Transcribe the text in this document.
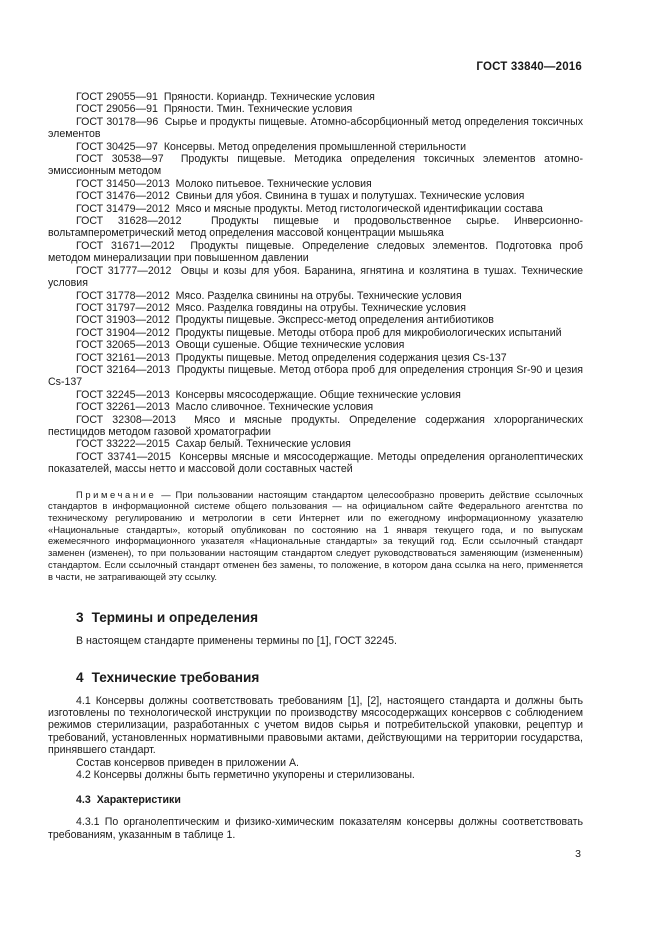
ГОСТ 33840—2016

ГОСТ 29055—91 Пряности. Кориандр. Технические условия

ГОСТ 29056—91 Пряности. Тмин. Технические условия

ГОСТ 30178—96 Сырье и продукты пищевые. Атомно-абсорбционный метод определения токсичных элементов

ГОСТ 30425—97 Консервы. Метод определения промышленной стерильности

ГОСТ 30538—97 Продукты пищевые. Методика определения токсичных элементов атомно-эмиссионным методом

ГОСТ 31450—2013 Молоко питьевое. Технические условия

ГОСТ 31476—2012 Свиньи для убоя. Свинина в тушах и полутушах. Технические условия

ГОСТ 31479—2012 Мясо и мясные продукты. Метод гистологической идентификации состава

ГОСТ 31628—2012	Продукты пищевые и продовольственное сырье. Инверсионно-вольтамперометрический метод определения массовой концентрации мышьяка

ГОСТ 31671—2012 Продукты пищевые. Определение следовых элементов. Подготовка проб методом минерализации при повышенном давлении

ГОСТ 31777—2012 Овцы и козы для убоя. Баранина, ягнятина и козлятина в тушах. Технические условия

ГОСТ 31778—2012 Мясо. Разделка свинины на отрубы. Технические условия

ГОСТ 31797—2012 Мясо. Разделка говядины на отрубы. Технические условия

ГОСТ 31903—2012 Продукты пищевые. Экспресс-метод определения антибиотиков

ГОСТ 31904—2012 Продукты пищевые. Методы отбора проб для микробиологических испытаний

ГОСТ 32065—2013 Овощи сушеные. Общие технические условия

ГОСТ 32161—2013 Продукты пищевые. Метод определения содержания цезия Cs-137

ГОСТ 32164—2013 Продукты пищевые. Метод отбора проб для определения стронция Sr-90 и цезия Cs-137

ГОСТ 32245—2013 Консервы мясосодержащие. Общие технические условия

ГОСТ 32261—2013 Масло сливочное. Технические условия

ГОСТ 32308—2013 Мясо и мясные продукты. Определение содержания хлорорганических пестицидов методом газовой хроматографии

ГОСТ 33222—2015 Сахар белый. Технические условия

ГОСТ 33741—2015 Консервы мясные и мясосодержащие. Методы определения органолептических показателей, массы нетто и массовой доли составных частей

Примечание — При пользовании настоящим стандартом целесообразно проверить действие ссылочных стандартов в информационной системе общего пользования — на официальном сайте Федерального агентства по техническому регулированию и метрологии в сети Интернет или по ежегодному информационному указателю «Национальные стандарты», который опубликован по состоянию на 1 января текущего года, и по выпускам ежемесячного информационного указателя «Национальные стандарты» за текущий год. Если ссылочный стандарт заменен (изменен), то при пользовании настоящим стандартом следует руководствоваться заменяющим (измененным) стандартом. Если ссылочный стандарт отменен без замены, то положение, в котором дана ссылка на него, применяется в части, не затрагивающей эту ссылку.

3 Термины и определения

В настоящем стандарте применены термины по [1], ГОСТ 32245.

4 Технические требования

4.1 Консервы должны соответствовать требованиям [1], [2], настоящего стандарта и должны быть изготовлены по технологической инструкции по производству мясосодержащих консервов с соблюдением режимов стерилизации, разработанных с учетом видов сырья и потребительской упаковки, рецептур и требований, установленных нормативными правовыми актами, действующими на территории государства, принявшего стандарт.

Состав консервов приведен в приложении А.

4.2 Консервы должны быть герметично укупорены и стерилизованы.

4.3 Характеристики

4.3.1 По органолептическим и физико-химическим показателям консервы должны соответствовать требованиям, указанным в таблице 1.

3
